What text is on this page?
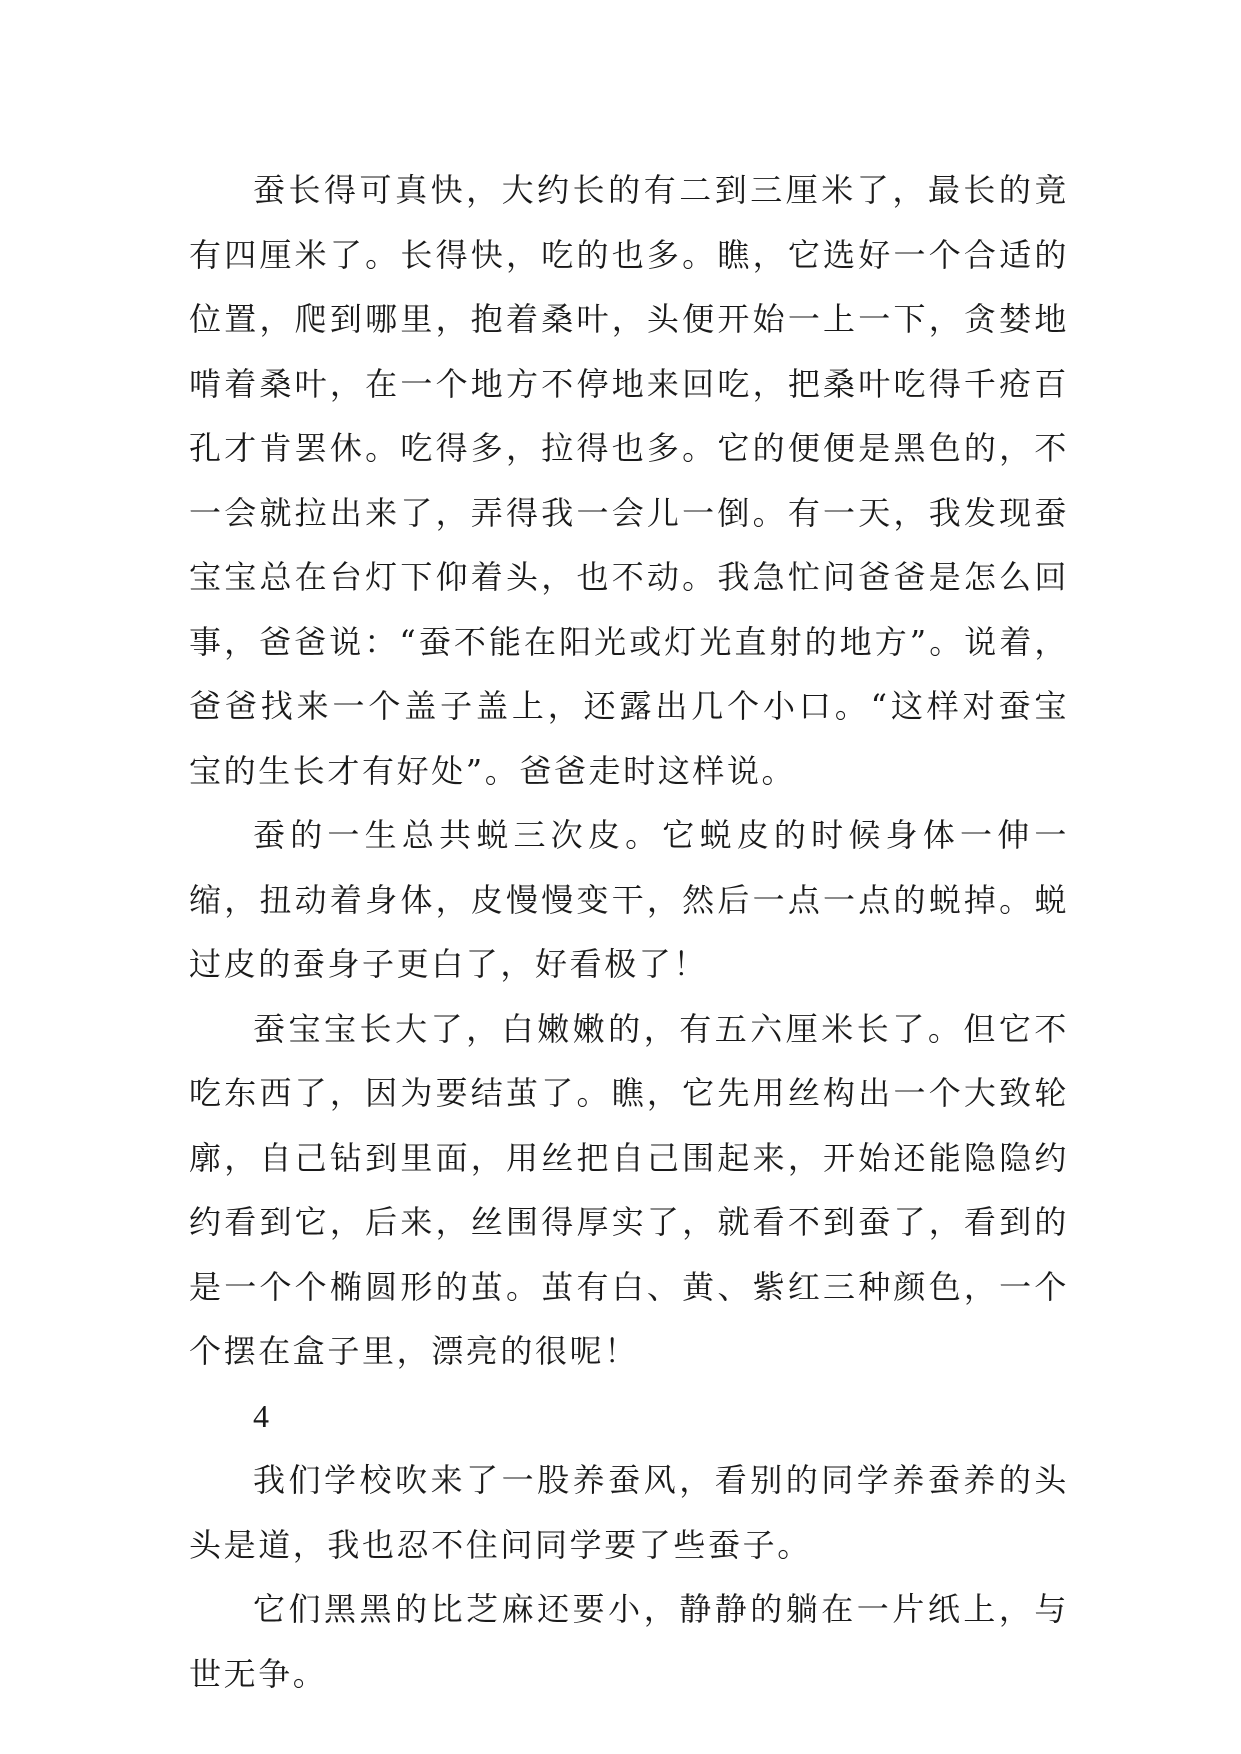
蚕长得可真快，大约长的有二到三厘米了，最长的竟有四厘米了。长得快，吃的也多。瞧，它选好一个合适的位置，爬到哪里，抱着桑叶，头便开始一上一下，贪婪地啃着桑叶，在一个地方不停地来回吃，把桑叶吃得千疮百孔才肯罢休。吃得多，拉得也多。它的便便是黑色的，不一会就拉出来了，弄得我一会儿一倒。有一天，我发现蚕宝宝总在台灯下仰着头，也不动。我急忙问爸爸是怎么回事，爸爸说：“蚕不能在阳光或灯光直射的地方”。说着，爸爸找来一个盖子盖上，还露出几个小口。“这样对蚕宝宝的生长才有好处”。爸爸走时这样说。

蚕的一生总共蜕三次皮。它蜕皮的时候身体一伸一缩，扭动着身体，皮慢慢变干，然后一点一点的蜕掉。蜕过皮的蚕身子更白了，好看极了！

蚕宝宝长大了，白嫩嫩的，有五六厘米长了。但它不吃东西了，因为要结茧了。瞧，它先用丝构出一个大致轮廓，自己钻到里面，用丝把自己围起来，开始还能隐隐约约看到它，后来，丝围得厚实了，就看不到蚕了，看到的是一个个椭圆形的茧。茧有白、黄、紫红三种颜色，一个个摆在盒子里，漂亮的很呢！

4

我们学校吹来了一股养蚕风，看别的同学养蚕养的头头是道，我也忍不住问同学要了些蚕子。

它们黑黑的比芝麻还要小，静静的躺在一片纸上，与世无争。
